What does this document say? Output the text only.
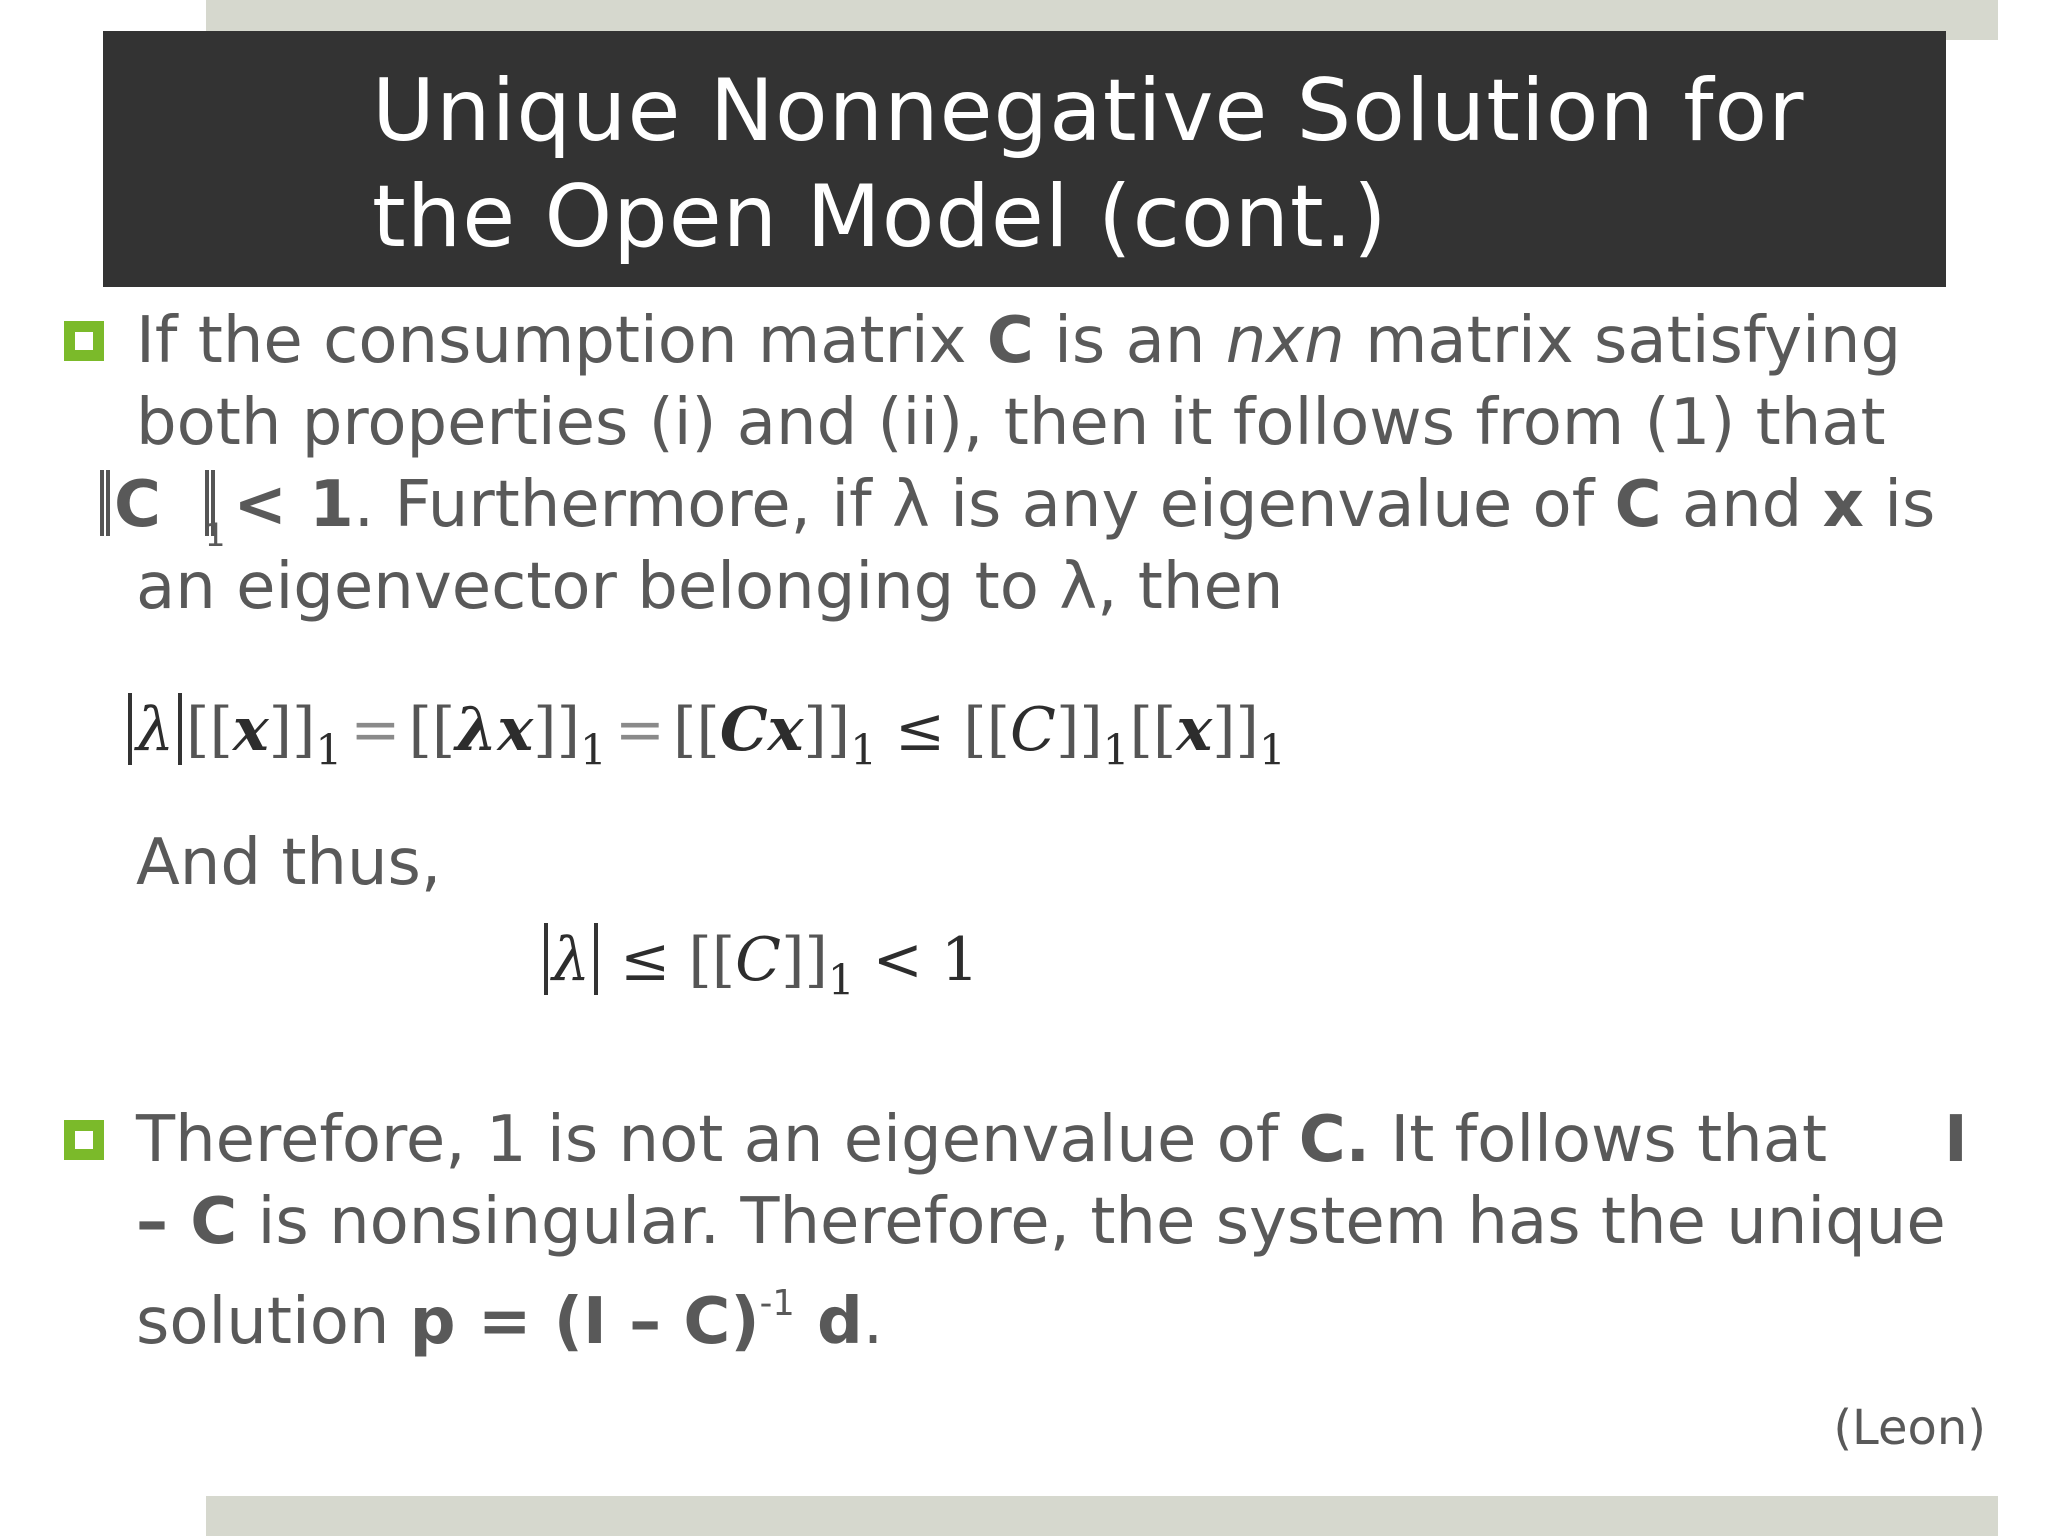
Unique Nonnegative Solution for
the Open Model (cont.)

If the consumption matrix C is an nxn matrix satisfying

both properties (i) and (ii), then it follows from (1) that

C $_1$ < 1. Furthermore, if λ is any eigenvalue of C and x is

an eigenvector belonging to λ, then

λ $[[x]]_1 = [[\lambda x]]_1 = [[Cx]]_1 \le [[C]]_1[[x]]_1$

And thus,

$\lambda \le [[C]]_1 < 1$

Therefore, 1 is not an eigenvalue of C. It follows that I

– C is nonsingular. Therefore, the system has the unique

solution p = (I – C)$^{-1}$ d.

(Leon)
